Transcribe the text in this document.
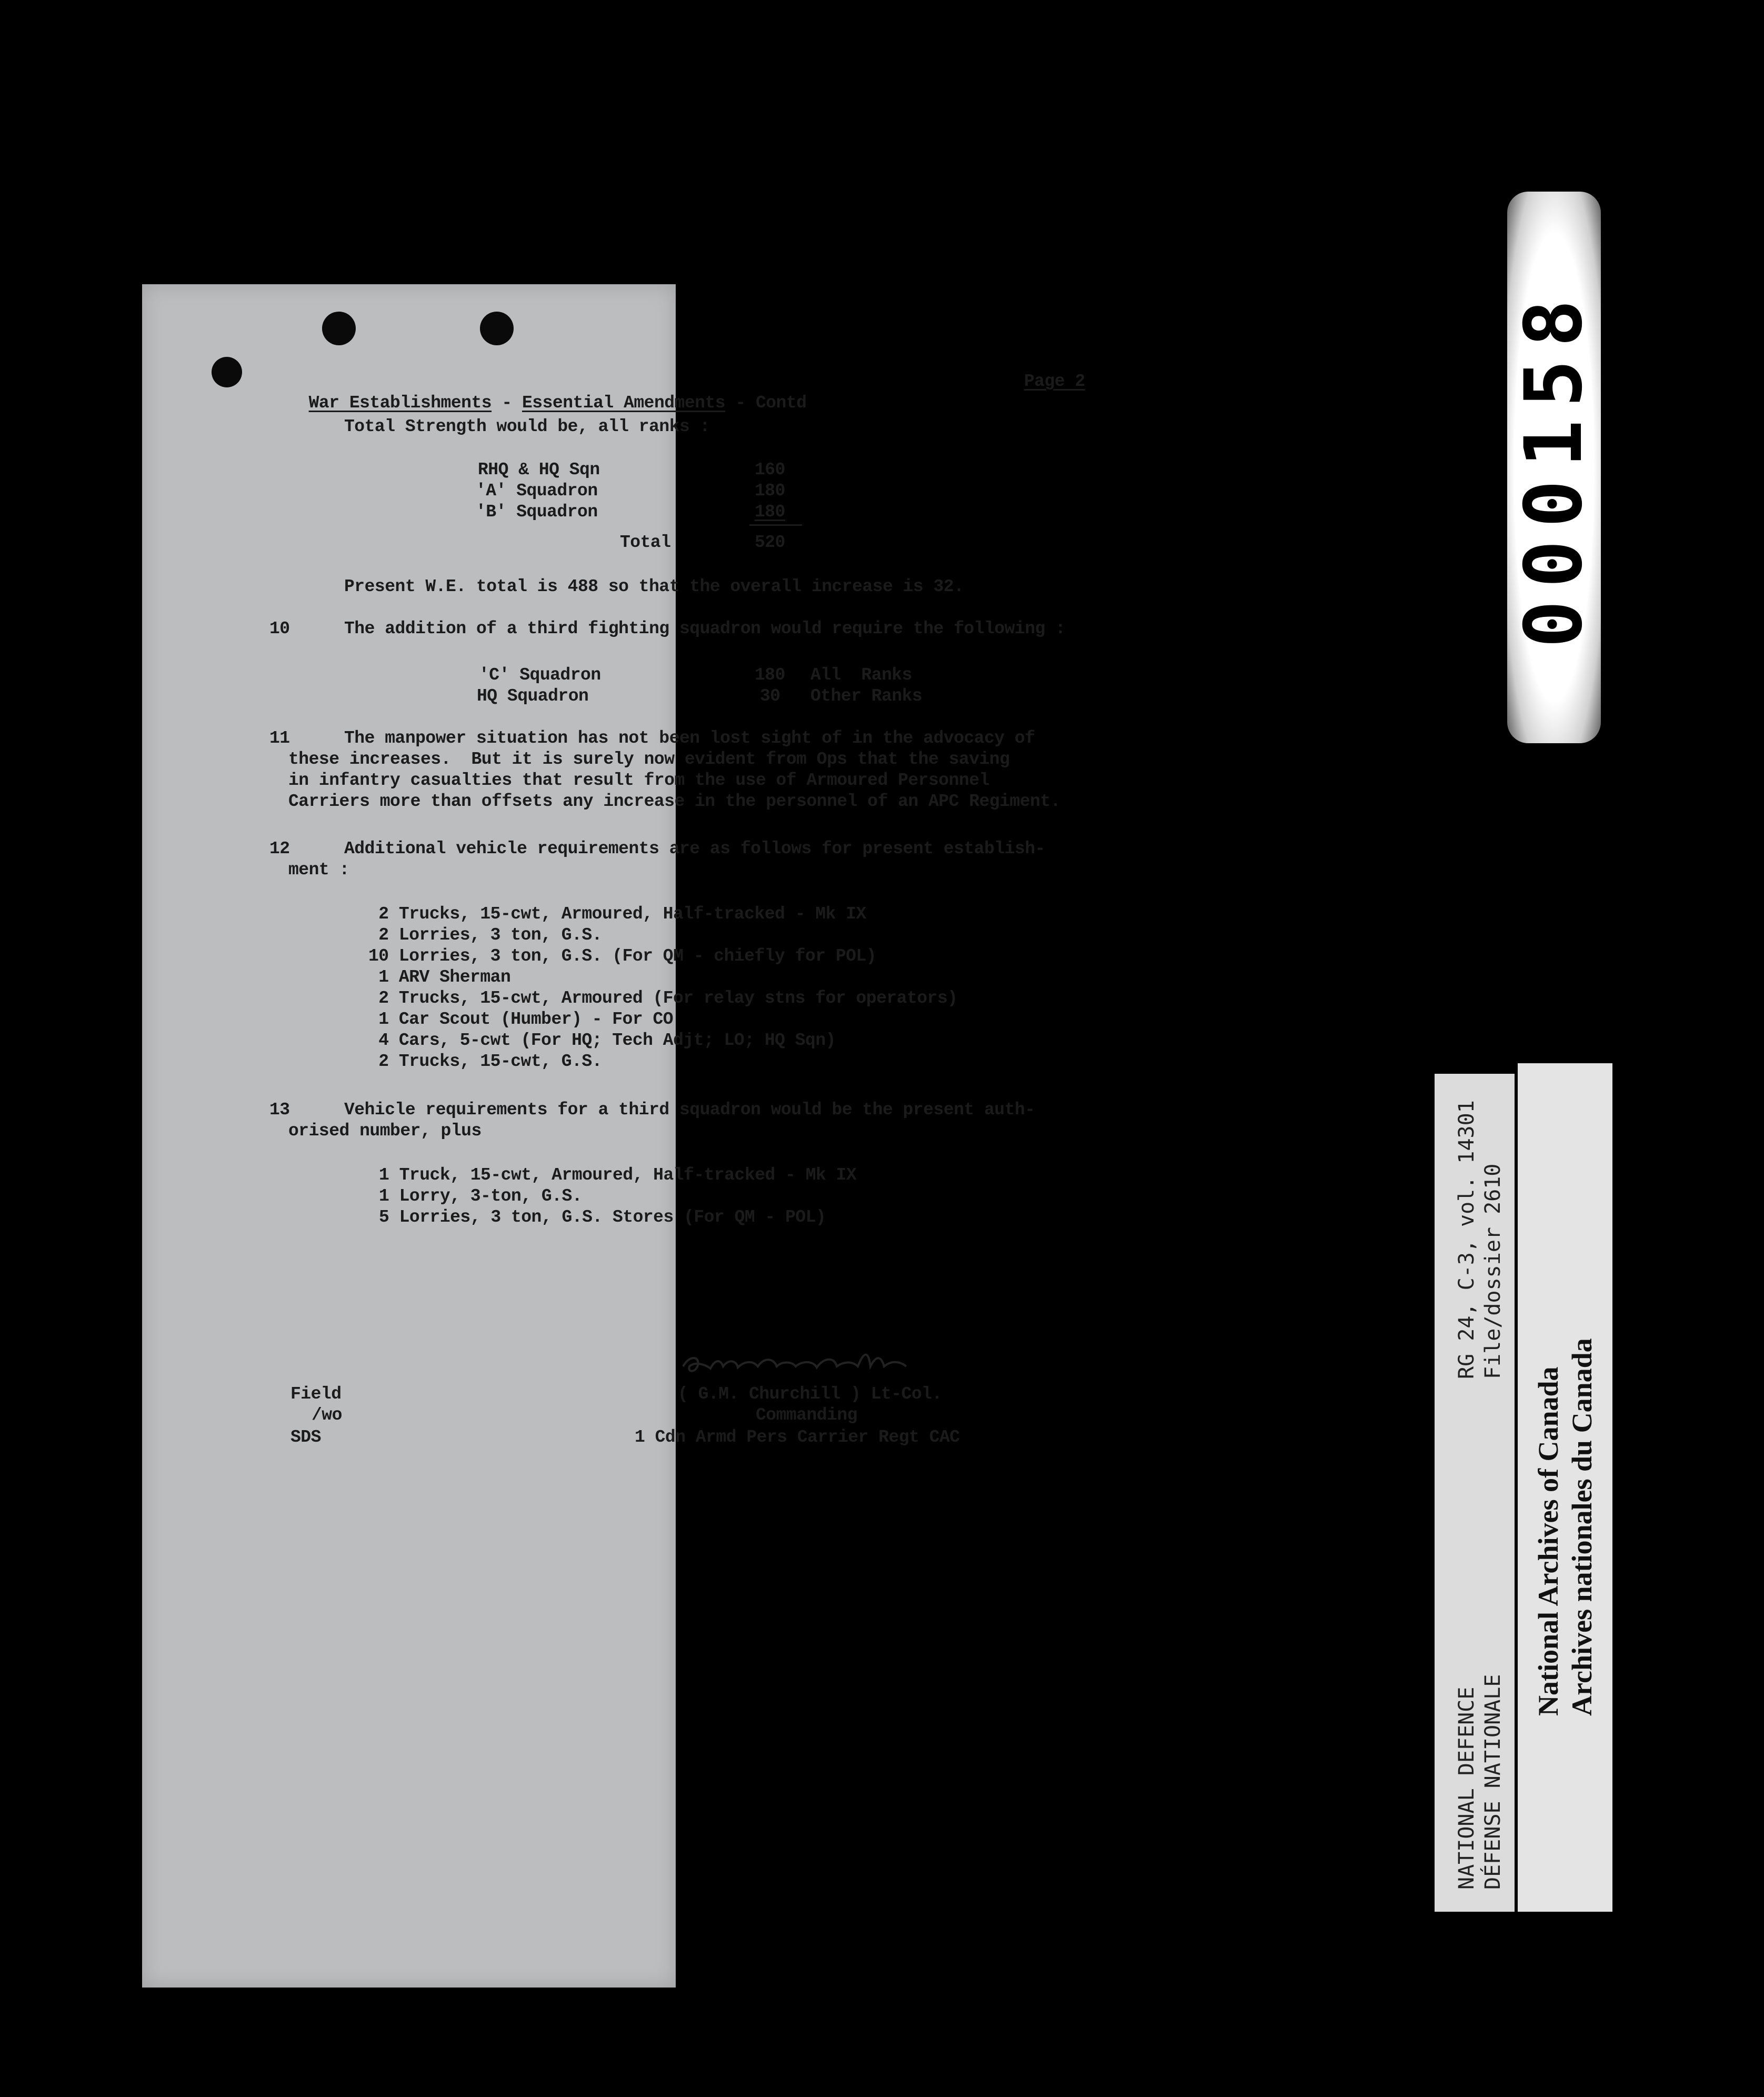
000158

War Establishments - Essential Amendments - Contd

Page 2
Total Strength would be, all ranks :
RHQ & HQ Sqn	160
'A' Squadron	180
'B' Squadron	180
Total	520
Present W.E. total is 488 so that the overall increase is 32.
10	The addition of a third fighting squadron would require the following :
'C' Squadron	180 All  Ranks
HQ Squadron	30 Other Ranks
11	The manpower situation has not been lost sight of in the advocacy of
these increases.  But it is surely now evident from Ops that the saving
in infantry casualties that result from the use of Armoured Personnel
Carriers more than offsets any increase in the personnel of an APC Regiment.
12	Additional vehicle requirements are as follows for present establish-
ment :
2 Trucks, 15-cwt, Armoured, Half-tracked - Mk IX
2 Lorries, 3 ton, G.S.
10 Lorries, 3 ton, G.S. (For QM - chiefly for POL)
1 ARV Sherman
2 Trucks, 15-cwt, Armoured (For relay stns for operators)
1 Car Scout (Humber) - For CO
4 Cars, 5-cwt (For HQ; Tech Adjt; LO; HQ Sqn)
2 Trucks, 15-cwt, G.S.
13	Vehicle requirements for a third squadron would be the present auth-
orised number, plus
1 Truck, 15-cwt, Armoured, Half-tracked - Mk IX
1 Lorry, 3-ton, G.S.
5 Lorries, 3 ton, G.S. Stores (For QM - POL)
( G.M. Churchill ) Lt-Col.
Commanding
1 Cdn Armd Pers Carrier Regt CAC
Field
/wo
SDS
RG 24, C-3, vol. 14301 File/dossier 2610
NATIONAL DEFENCE DÉFENSE NATIONALE
National Archives of Canada Archives nationales du Canada
